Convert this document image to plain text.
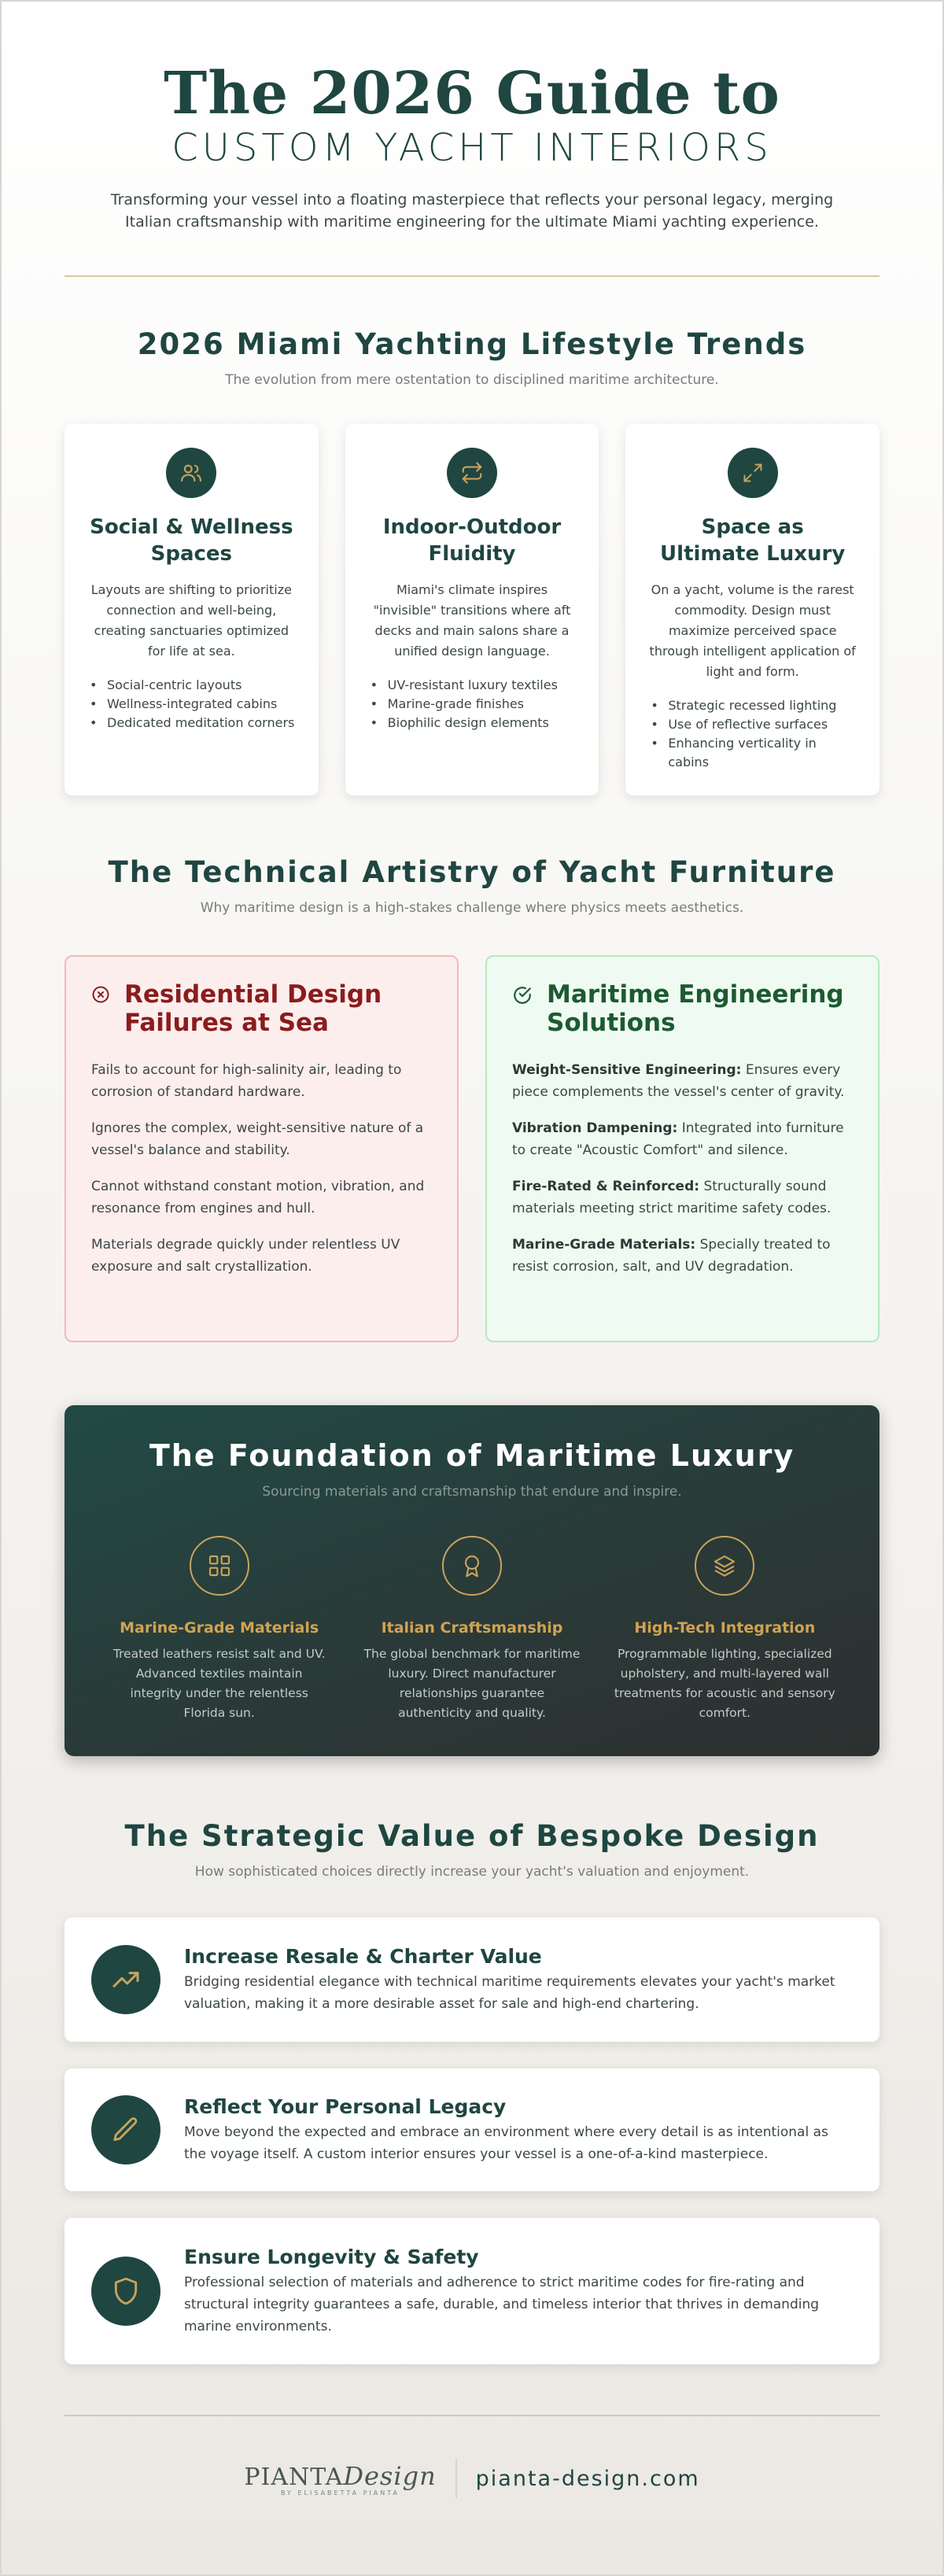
The 2026 Guide to
CUSTOM YACHT INTERIORS

Transforming your vessel into a floating masterpiece that reflects your personal legacy, merging Italian craftsmanship with maritime engineering for the ultimate Miami yachting experience.

2026 Miami Yachting Lifestyle Trends

The evolution from mere ostentation to disciplined maritime architecture.

Social & Wellness Spaces

Layouts are shifting to prioritize connection and well-being, creating sanctuaries optimized for life at sea.

• Social-centric layouts
• Wellness-integrated cabins
• Dedicated meditation corners
Indoor-Outdoor Fluidity

Miami's climate inspires "invisible" transitions where aft decks and main salons share a unified design language.

• UV-resistant luxury textiles
• Marine-grade finishes
• Biophilic design elements
Space as Ultimate Luxury

On a yacht, volume is the rarest commodity. Design must maximize perceived space through intelligent application of light and form.

• Strategic recessed lighting
• Use of reflective surfaces
• Enhancing verticality in cabins
The Technical Artistry of Yacht Furniture

Why maritime design is a high-stakes challenge where physics meets aesthetics.

Residential Design Failures at Sea

Fails to account for high-salinity air, leading to corrosion of standard hardware.

Ignores the complex, weight-sensitive nature of a vessel's balance and stability.

Cannot withstand constant motion, vibration, and resonance from engines and hull.

Materials degrade quickly under relentless UV exposure and salt crystallization.

Maritime Engineering Solutions

Weight-Sensitive Engineering: Ensures every piece complements the vessel's center of gravity.

Vibration Dampening: Integrated into furniture to create "Acoustic Comfort" and silence.

Fire-Rated & Reinforced: Structurally sound materials meeting strict maritime safety codes.

Marine-Grade Materials: Specially treated to resist corrosion, salt, and UV degradation.

The Foundation of Maritime Luxury

Sourcing materials and craftsmanship that endure and inspire.

Marine-Grade Materials

Treated leathers resist salt and UV. Advanced textiles maintain integrity under the relentless Florida sun.

Italian Craftsmanship

The global benchmark for maritime luxury. Direct manufacturer relationships guarantee authenticity and quality.

High-Tech Integration

Programmable lighting, specialized upholstery, and multi-layered wall treatments for acoustic and sensory comfort.

The Strategic Value of Bespoke Design

How sophisticated choices directly increase your yacht's valuation and enjoyment.

Increase Resale & Charter Value

Bridging residential elegance with technical maritime requirements elevates your yacht's market valuation, making it a more desirable asset for sale and high-end chartering.

Reflect Your Personal Legacy

Move beyond the expected and embrace an environment where every detail is as intentional as the voyage itself. A custom interior ensures your vessel is a one-of-a-kind masterpiece.

Ensure Longevity & Safety

Professional selection of materials and adherence to strict maritime codes for fire-rating and structural integrity guarantees a safe, durable, and timeless interior that thrives in demanding marine environments.

PIANTADesign
BY ELISABETTA PIANTA
pianta-design.com
